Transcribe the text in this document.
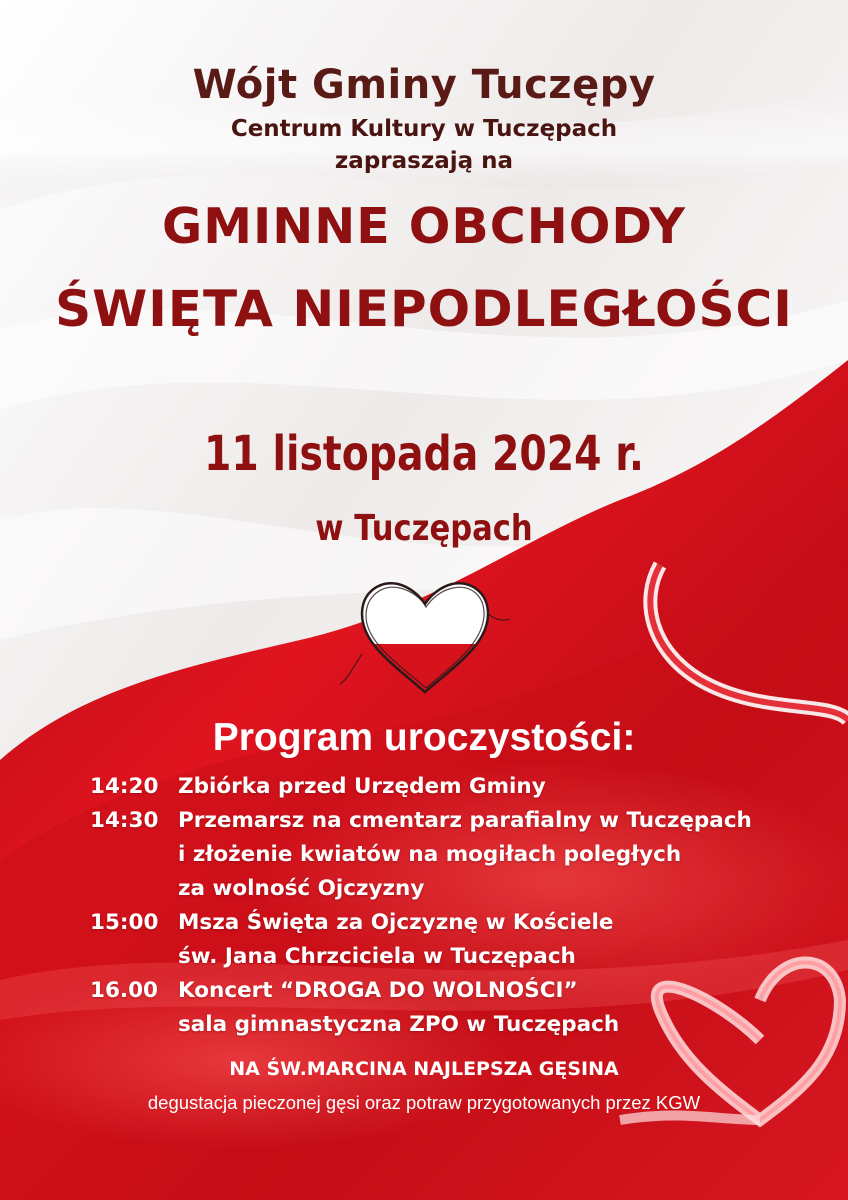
Wójt Gminy Tuczępy
Centrum Kultury w Tuczępach
zapraszają na
GMINNE OBCHODY
ŚWIĘTA NIEPODLEGŁOŚCI
11 listopada 2024 r.
w Tuczępach
Program uroczystości:
14:20 Zbiórka przed Urzędem Gminy
14:30 Przemarsz na cmentarz parafialny w Tuczępach
i złożenie kwiatów na mogiłach poległych
za wolność Ojczyzny
15:00 Msza Święta za Ojczyznę w Kościele
św. Jana Chrzciciela w Tuczępach
16.00 Koncert “DROGA DO WOLNOŚCI”
sala gimnastyczna ZPO w Tuczępach
NA ŚW.MARCINA NAJLEPSZA GĘSINA
degustacja pieczonej gęsi oraz potraw przygotowanych przez KGW
